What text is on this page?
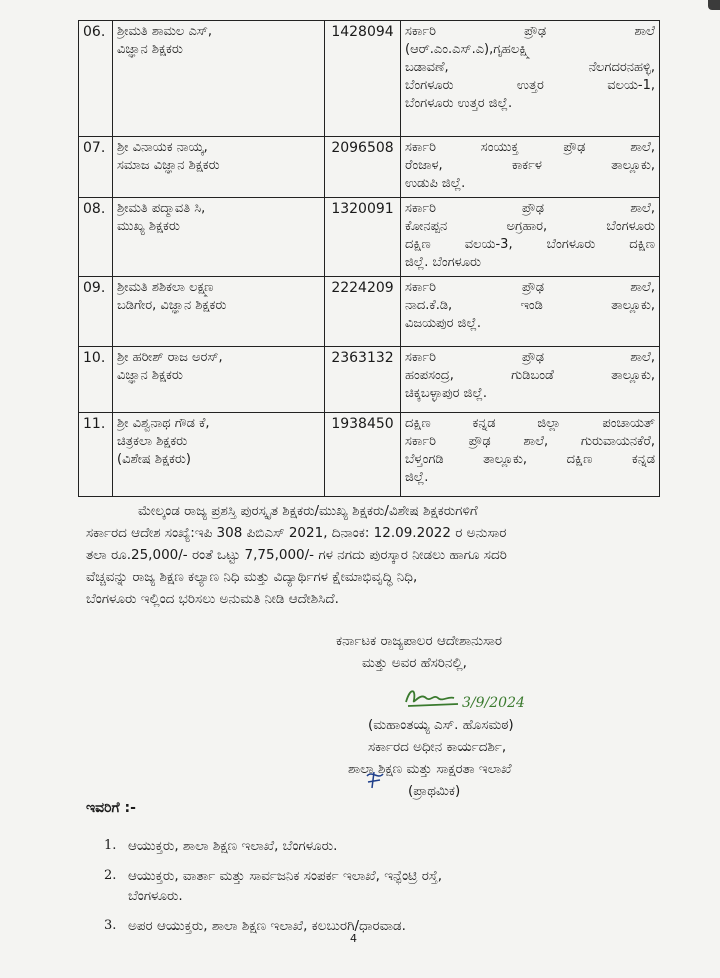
06.	ಶ್ರೀಮತಿ ಶಾಮಲ ಎಸ್,
ವಿಜ್ಞಾನ ಶಿಕ್ಷಕರು	1428094	ಸರ್ಕಾರಿ ಪ್ರೌಢ ಶಾಲೆ
(ಆರ್.ಎಂ.ಎಸ್.ಎ),ಗೃಹಲಕ್ಷ್ಮಿ
ಬಡಾವಣೆ, ನೆಲಗದರನಹಳ್ಳಿ,
ಬೆಂಗಳೂರು ಉತ್ತರ ವಲಯ-1,
ಬೆಂಗಳೂರು ಉತ್ತರ ಜಿಲ್ಲೆ.

07.	ಶ್ರೀ ವಿನಾಯಕ ನಾಯ್ಕ,
ಸಮಾಜ ವಿಜ್ಞಾನ ಶಿಕ್ಷಕರು	2096508	ಸರ್ಕಾರಿ ಸಂಯುಕ್ತ ಪ್ರೌಢ ಶಾಲೆ,
ರೆಂಜಾಳ, ಕಾರ್ಕಳ ತಾಲ್ಲೂಕು,
ಉಡುಪಿ ಜಿಲ್ಲೆ.

08.	ಶ್ರೀಮತಿ ಪದ್ಮಾವತಿ ಸಿ,
ಮುಖ್ಯ ಶಿಕ್ಷಕರು	1320091	ಸರ್ಕಾರಿ ಪ್ರೌಢ ಶಾಲೆ,
ಕೋನಪ್ಪನ ಅಗ್ರಹಾರ, ಬೆಂಗಳೂರು
ದಕ್ಷಿಣ ವಲಯ-3, ಬೆಂಗಳೂರು ದಕ್ಷಿಣ
ಜಿಲ್ಲೆ. ಬೆಂಗಳೂರು

09.	ಶ್ರೀಮತಿ ಶಶಿಕಲಾ ಲಕ್ಷ್ಮಣ
ಬಡಿಗೇರ, ವಿಜ್ಞಾನ ಶಿಕ್ಷಕರು	2224209	ಸರ್ಕಾರಿ ಪ್ರೌಢ ಶಾಲೆ,
ನಾದ.ಕೆ.ಡಿ, ಇಂಡಿ ತಾಲ್ಲೂಕು,
ವಿಜಯಪುರ ಜಿಲ್ಲೆ.

10.	ಶ್ರೀ ಹರೀಶ್ ರಾಜ ಅರಸ್,
ವಿಜ್ಞಾನ ಶಿಕ್ಷಕರು	2363132	ಸರ್ಕಾರಿ ಪ್ರೌಢ ಶಾಲೆ,
ಹಂಪಸಂದ್ರ, ಗುಡಿಬಂಡೆ ತಾಲ್ಲೂಕು,
ಚಿಕ್ಕಬಳ್ಳಾಪುರ ಜಿಲ್ಲೆ.

11.	ಶ್ರೀ ವಿಶ್ವನಾಥ ಗೌಡ ಕೆ,
ಚಿತ್ರಕಲಾ ಶಿಕ್ಷಕರು
(ವಿಶೇಷ ಶಿಕ್ಷಕರು)	1938450	ದಕ್ಷಿಣ ಕನ್ನಡ ಜಿಲ್ಲಾ ಪಂಚಾಯತ್
ಸರ್ಕಾರಿ ಪ್ರೌಢ ಶಾಲೆ, ಗುರುವಾಯನಕೆರೆ,
ಬೆಳ್ತಂಗಡಿ ತಾಲ್ಲೂಕು, ದಕ್ಷಿಣ ಕನ್ನಡ
ಜಿಲ್ಲೆ.
ಮೇಲ್ಕಂಡ ರಾಜ್ಯ ಪ್ರಶಸ್ತಿ ಪುರಸ್ಕೃತ ಶಿಕ್ಷಕರು/ಮುಖ್ಯ ಶಿಕ್ಷಕರು/ವಿಶೇಷ ಶಿಕ್ಷಕರುಗಳಿಗೆ
ಸರ್ಕಾರದ ಆದೇಶ ಸಂಖ್ಯೆ:ಇಪಿ 308 ಪಿಬಿಎಸ್ 2021, ದಿನಾಂಕ: 12.09.2022 ರ ಅನುಸಾರ
ತಲಾ ರೂ.25,000/- ರಂತೆ ಒಟ್ಟು 7,75,000/- ಗಳ ನಗದು ಪುರಸ್ಕಾರ ನೀಡಲು ಹಾಗೂ ಸದರಿ
ವೆಚ್ಚವನ್ನು ರಾಜ್ಯ ಶಿಕ್ಷಣ ಕಲ್ಯಾಣ ನಿಧಿ ಮತ್ತು ವಿದ್ಯಾರ್ಥಿಗಳ ಕ್ಷೇಮಾಭಿವೃದ್ಧಿ ನಿಧಿ,
ಬೆಂಗಳೂರು ಇಲ್ಲಿಂದ ಭರಿಸಲು ಅನುಮತಿ ನೀಡಿ ಆದೇಶಿಸಿದೆ.
ಕರ್ನಾಟಕ ರಾಜ್ಯಪಾಲರ ಆದೇಶಾನುಸಾರ
ಮತ್ತು ಅವರ ಹೆಸರಿನಲ್ಲಿ,
3/9/2024
(ಮಹಾಂತಯ್ಯ ಎಸ್. ಹೊಸಮಠ)
ಸರ್ಕಾರದ ಅಧೀನ ಕಾರ್ಯದರ್ಶಿ,
ಶಾಲಾ ಶಿಕ್ಷಣ ಮತ್ತು ಸಾಕ್ಷರತಾ ಇಲಾಖೆ
(ಪ್ರಾಥಮಿಕ)
ಇವರಿಗೆ :-
1. ಆಯುಕ್ತರು, ಶಾಲಾ ಶಿಕ್ಷಣ ಇಲಾಖೆ, ಬೆಂಗಳೂರು.
2. ಆಯುಕ್ತರು, ವಾರ್ತಾ ಮತ್ತು ಸಾರ್ವಜನಿಕ ಸಂಪರ್ಕ ಇಲಾಖೆ, ಇನ್ಫೆಂಟ್ರಿ ರಸ್ತೆ,
ಬೆಂಗಳೂರು.
3. ಅಪರ ಆಯುಕ್ತರು, ಶಾಲಾ ಶಿಕ್ಷಣ ಇಲಾಖೆ, ಕಲಬುರಗಿ/ಧಾರವಾಡ.
4
